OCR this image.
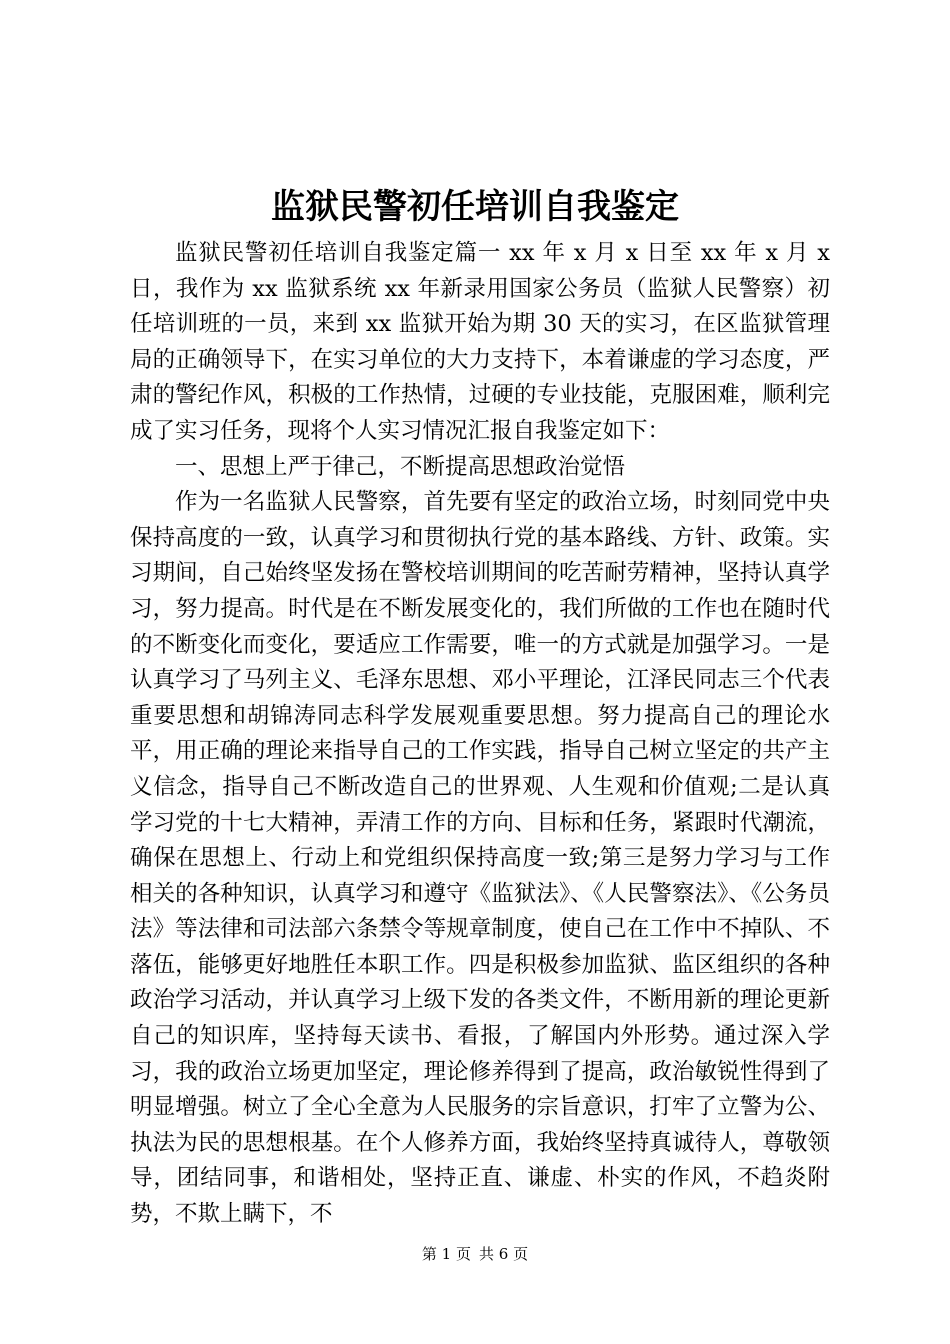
监狱民警初任培训自我鉴定

监狱民警初任培训自我鉴定篇一 xx 年 x 月 x 日至 xx 年 x 月 x 日，我作为 xx 监狱系统 xx 年新录用国家公务员（监狱人民警察）初任培训班的一员，来到 xx 监狱开始为期 30 天的实习，在区监狱管理局的正确领导下，在实习单位的大力支持下，本着谦虚的学习态度，严肃的警纪作风，积极的工作热情，过硬的专业技能，克服困难，顺利完成了实习任务，现将个人实习情况汇报自我鉴定如下：

一、思想上严于律己，不断提高思想政治觉悟

作为一名监狱人民警察，首先要有坚定的政治立场，时刻同党中央保持高度的一致，认真学习和贯彻执行党的基本路线、方针、政策。实习期间，自己始终坚发扬在警校培训期间的吃苦耐劳精神，坚持认真学习，努力提高。时代是在不断发展变化的，我们所做的工作也在随时代的不断变化而变化，要适应工作需要，唯一的方式就是加强学习。一是认真学习了马列主义、毛泽东思想、邓小平理论，江泽民同志三个代表重要思想和胡锦涛同志科学发展观重要思想。努力提高自己的理论水平，用正确的理论来指导自己的工作实践，指导自己树立坚定的共产主义信念，指导自己不断改造自己的世界观、人生观和价值观;二是认真学习党的十七大精神，弄清工作的方向、目标和任务，紧跟时代潮流，确保在思想上、行动上和党组织保持高度一致;第三是努力学习与工作相关的各种知识，认真学习和遵守《监狱法》、《人民警察法》、《公务员法》等法律和司法部六条禁令等规章制度，使自己在工作中不掉队、不落伍，能够更好地胜任本职工作。四是积极参加监狱、监区组织的各种政治学习活动，并认真学习上级下发的各类文件，不断用新的理论更新自己的知识库，坚持每天读书、看报，了解国内外形势。通过深入学习，我的政治立场更加坚定，理论修养得到了提高，政治敏锐性得到了明显增强。树立了全心全意为人民服务的宗旨意识，打牢了立警为公、执法为民的思想根基。在个人修养方面，我始终坚持真诚待人，尊敬领导，团结同事，和谐相处，坚持正直、谦虚、朴实的作风，不趋炎附势，不欺上瞒下，不

第 1 页 共 6 页
